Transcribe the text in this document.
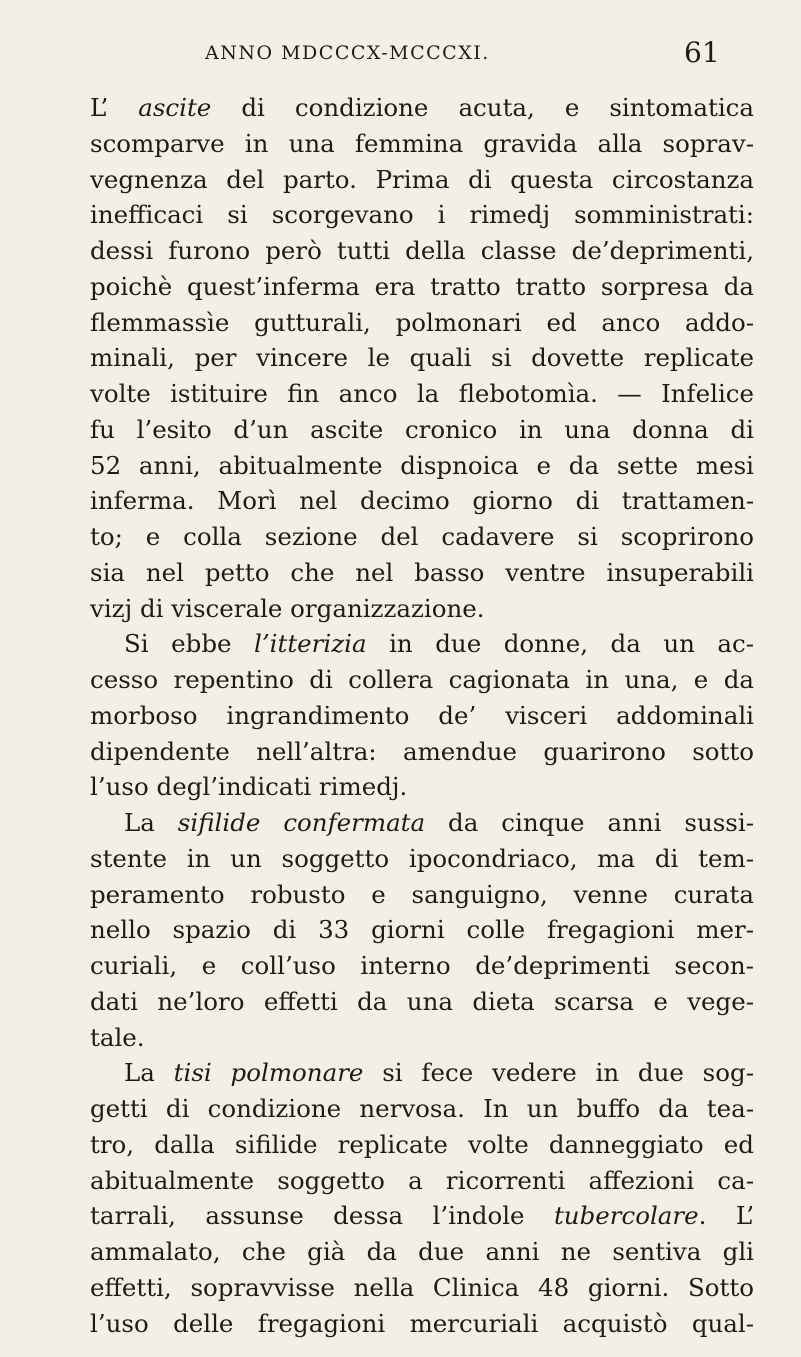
ANNO MDCCCX-MCCCXI.	61
L’ ascite di condizione acuta, e sintomatica
scomparve in una femmina gravida alla soprav-
vegnenza del parto. Prima di questa circostanza
inefficaci si scorgevano i rimedj somministrati:
dessi furono però tutti della classe de’deprimenti,
poichè quest’inferma era tratto tratto sorpresa da
flemmassìe gutturali, polmonari ed anco addo-
minali, per vincere le quali si dovette replicate
volte istituire fin anco la flebotomìa. — Infelice
fu l’esito d’un ascite cronico in una donna di
52 anni, abitualmente dispnoica e da sette mesi
inferma. Morì nel decimo giorno di trattamen-
to; e colla sezione del cadavere si scoprirono
sia nel petto che nel basso ventre insuperabili
vizj di viscerale organizzazione.
Si ebbe l’itterizia in due donne, da un ac-
cesso repentino di collera cagionata in una, e da
morboso ingrandimento de’ visceri addominali
dipendente nell’altra: amendue guarirono sotto
l’uso degl’indicati rimedj.
La sifilide confermata da cinque anni sussi-
stente in un soggetto ipocondriaco, ma di tem-
peramento robusto e sanguigno, venne curata
nello spazio di 33 giorni colle fregagioni mer-
curiali, e coll’uso interno de’deprimenti secon-
dati ne’loro effetti da una dieta scarsa e vege-
tale.
La tisi polmonare si fece vedere in due sog-
getti di condizione nervosa. In un buffo da tea-
tro, dalla sifilide replicate volte danneggiato ed
abitualmente soggetto a ricorrenti affezioni ca-
tarrali, assunse dessa l’indole tubercolare. L’
ammalato, che già da due anni ne sentiva gli
effetti, sopravvisse nella Clinica 48 giorni. Sotto
l’uso delle fregagioni mercuriali acquistò qual-
